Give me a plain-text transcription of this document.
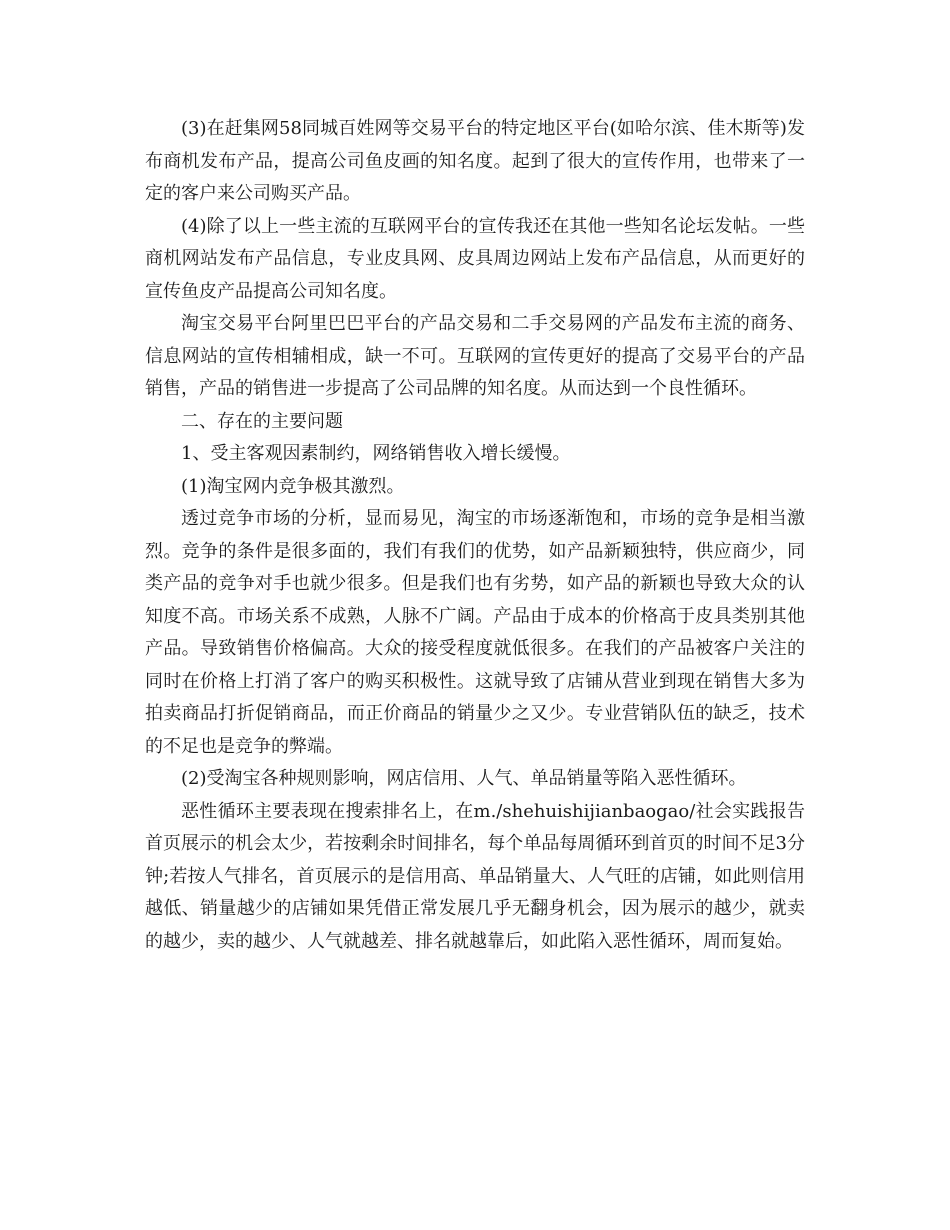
(3)在赶集网58同城百姓网等交易平台的特定地区平台(如哈尔滨、佳木斯等)发布商机发布产品，提高公司鱼皮画的知名度。起到了很大的宣传作用，也带来了一定的客户来公司购买产品。

(4)除了以上一些主流的互联网平台的宣传我还在其他一些知名论坛发帖。一些商机网站发布产品信息，专业皮具网、皮具周边网站上发布产品信息，从而更好的宣传鱼皮产品提高公司知名度。

淘宝交易平台阿里巴巴平台的产品交易和二手交易网的产品发布主流的商务、信息网站的宣传相辅相成，缺一不可。互联网的宣传更好的提高了交易平台的产品销售，产品的销售进一步提高了公司品牌的知名度。从而达到一个良性循环。

二、存在的主要问题

1、受主客观因素制约，网络销售收入增长缓慢。

(1)淘宝网内竞争极其激烈。

透过竞争市场的分析，显而易见，淘宝的市场逐渐饱和，市场的竞争是相当激烈。竞争的条件是很多面的，我们有我们的优势，如产品新颖独特，供应商少，同类产品的竞争对手也就少很多。但是我们也有劣势，如产品的新颖也导致大众的认知度不高。市场关系不成熟，人脉不广阔。产品由于成本的价格高于皮具类别其他产品。导致销售价格偏高。大众的接受程度就低很多。在我们的产品被客户关注的同时在价格上打消了客户的购买积极性。这就导致了店铺从营业到现在销售大多为拍卖商品打折促销商品，而正价商品的销量少之又少。专业营销队伍的缺乏，技术的不足也是竞争的弊端。

(2)受淘宝各种规则影响，网店信用、人气、单品销量等陷入恶性循环。

恶性循环主要表现在搜索排名上，在m./shehuishijianbaogao/社会实践报告首页展示的机会太少，若按剩余时间排名，每个单品每周循环到首页的时间不足3分钟;若按人气排名，首页展示的是信用高、单品销量大、人气旺的店铺，如此则信用越低、销量越少的店铺如果凭借正常发展几乎无翻身机会，因为展示的越少，就卖的越少，卖的越少、人气就越差、排名就越靠后，如此陷入恶性循环，周而复始。
